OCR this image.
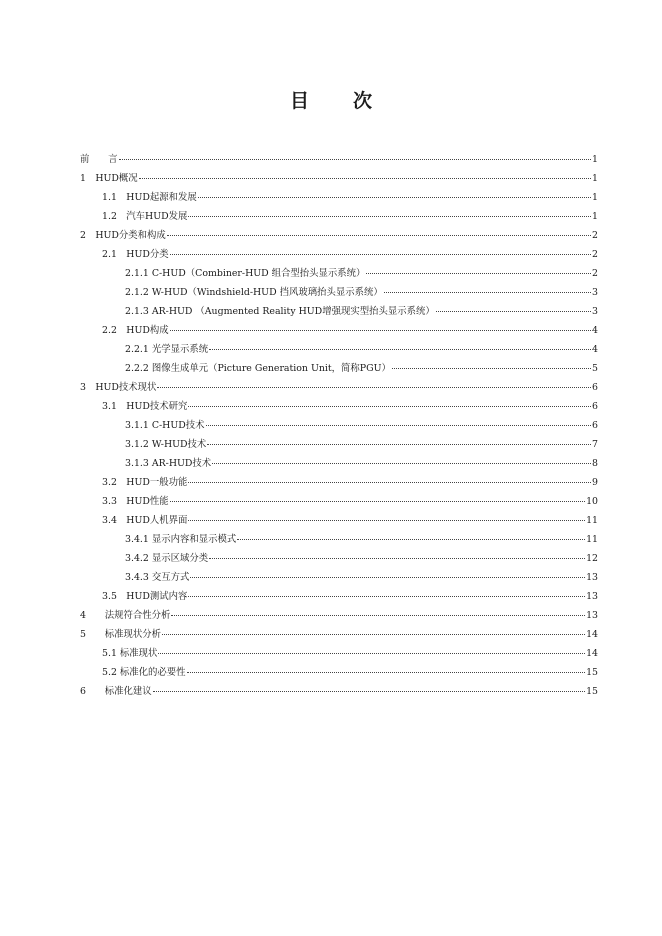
目 次
前　　言	1
1　HUD概况	1
1.1　HUD起源和发展	1
1.2　汽车HUD发展	1
2　HUD分类和构成	2
2.1　HUD分类	2
2.1.1 C-HUD（Combiner-HUD 组合型抬头显示系统）	2
2.1.2 W-HUD（Windshield-HUD 挡风玻璃抬头显示系统）	3
2.1.3 AR-HUD （Augmented Reality HUD增强现实型抬头显示系统）	3
2.2　HUD构成	4
2.2.1 光学显示系统	4
2.2.2 图像生成单元（Picture Generation Unit，简称PGU）	5
3　HUD技术现状	6
3.1　HUD技术研究	6
3.1.1 C-HUD技术	6
3.1.2 W-HUD技术	7
3.1.3 AR-HUD技术	8
3.2　HUD一般功能	9
3.3　HUD性能	10
3.4　HUD人机界面	11
3.4.1 显示内容和显示模式	11
3.4.2 显示区域分类	12
3.4.3 交互方式	13
3.5　HUD测试内容	13
4　　法规符合性分析	13
5　　标准现状分析	14
5.1 标准现状	14
5.2 标准化的必要性	15
6　　标准化建议	15
